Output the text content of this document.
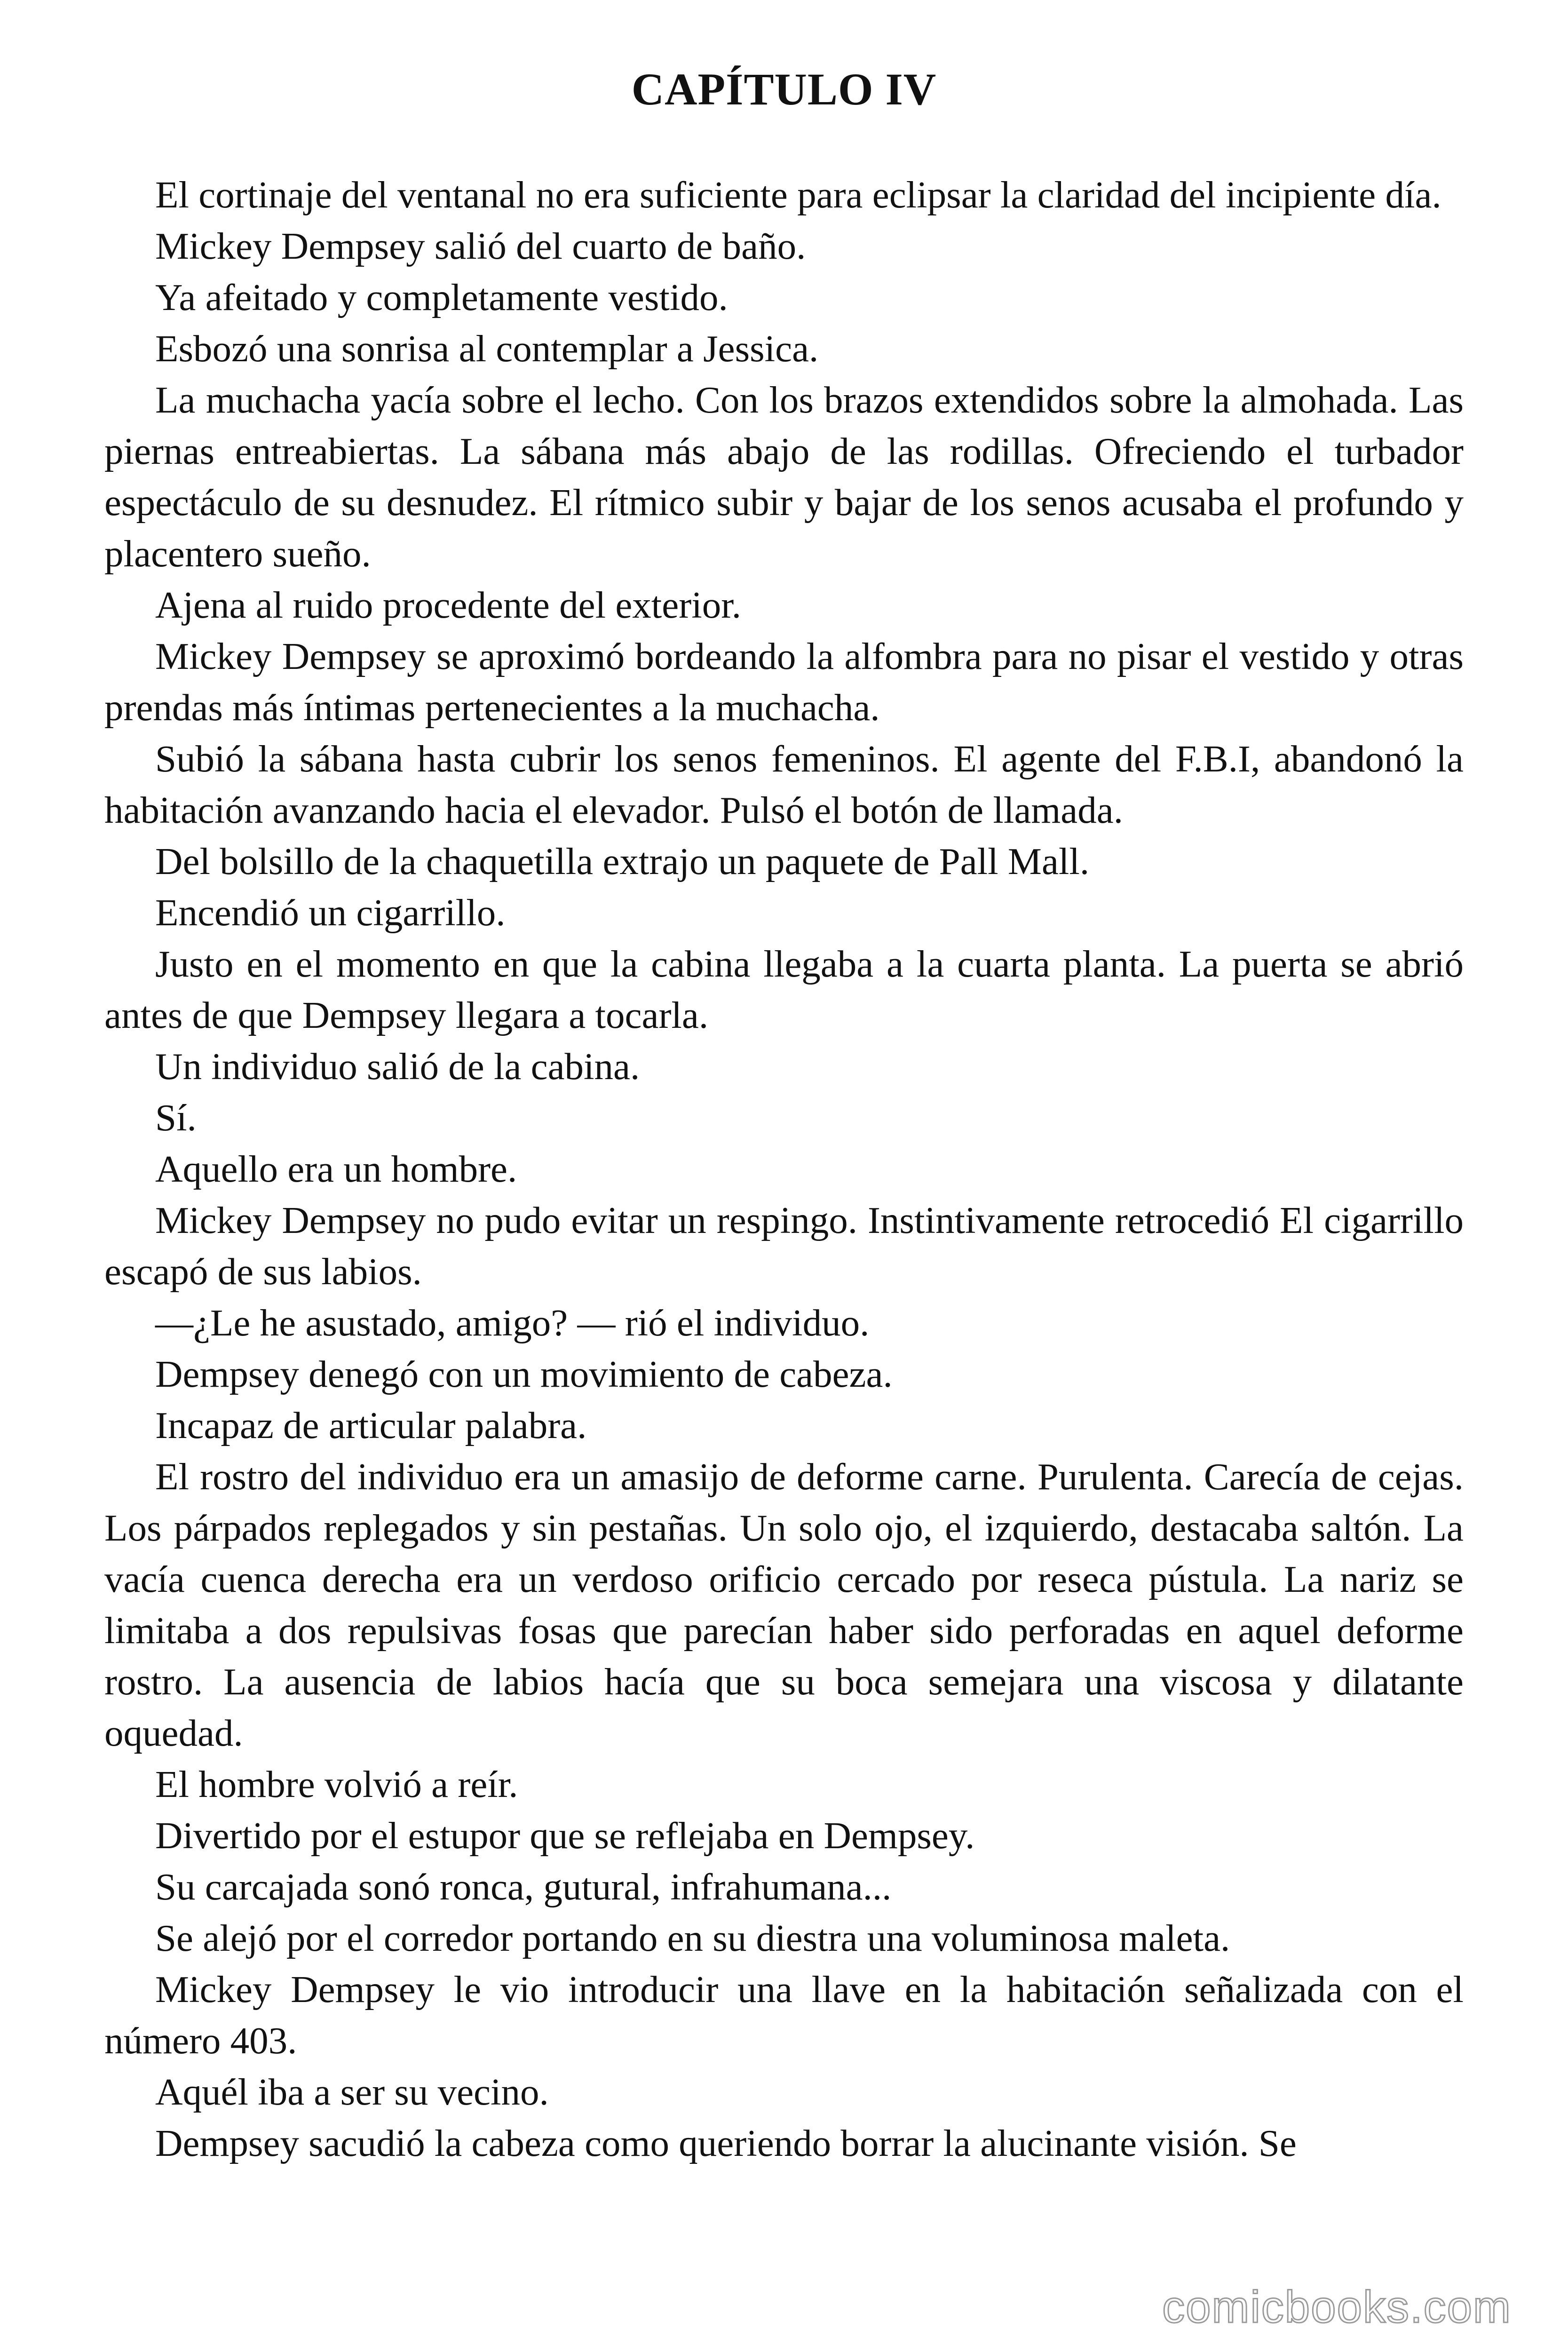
CAPÍTULO IV

El cortinaje del ventanal no era suficiente para eclipsar la claridad del incipiente día.

Mickey Dempsey salió del cuarto de baño.

Ya afeitado y completamente vestido.

Esbozó una sonrisa al contemplar a Jessica.

La muchacha yacía sobre el lecho. Con los brazos extendidos sobre la almohada. Las piernas entreabiertas. La sábana más abajo de las rodillas. Ofreciendo el turbador espectáculo de su desnudez. El rítmico subir y bajar de los senos acusaba el profundo y placentero sueño.

Ajena al ruido procedente del exterior.

Mickey Dempsey se aproximó bordeando la alfombra para no pisar el vestido y otras prendas más íntimas pertenecientes a la muchacha.

Subió la sábana hasta cubrir los senos femeninos. El agente del F.B.I, abandonó la habitación avanzando hacia el elevador. Pulsó el botón de llamada.

Del bolsillo de la chaquetilla extrajo un paquete de Pall Mall.

Encendió un cigarrillo.

Justo en el momento en que la cabina llegaba a la cuarta planta. La puerta se abrió antes de que Dempsey llegara a tocarla.

Un individuo salió de la cabina.

Sí.

Aquello era un hombre.

Mickey Dempsey no pudo evitar un respingo. Instintivamente retrocedió El cigarrillo escapó de sus labios.

—¿Le he asustado, amigo? — rió el individuo.

Dempsey denegó con un movimiento de cabeza.

Incapaz de articular palabra.

El rostro del individuo era un amasijo de deforme carne. Purulenta. Carecía de cejas. Los párpados replegados y sin pestañas. Un solo ojo, el izquierdo, destacaba saltón. La vacía cuenca derecha era un verdoso orificio cercado por reseca pústula. La nariz se limitaba a dos repulsivas fosas que parecían haber sido perforadas en aquel deforme rostro. La ausencia de labios hacía que su boca semejara una viscosa y dilatante oquedad.

El hombre volvió a reír.

Divertido por el estupor que se reflejaba en Dempsey.

Su carcajada sonó ronca, gutural, infrahumana...

Se alejó por el corredor portando en su diestra una voluminosa maleta.

Mickey Dempsey le vio introducir una llave en la habitación señalizada con el número 403.

Aquél iba a ser su vecino.

Dempsey sacudió la cabeza como queriendo borrar la alucinante visión. Se

comicbooks.com
